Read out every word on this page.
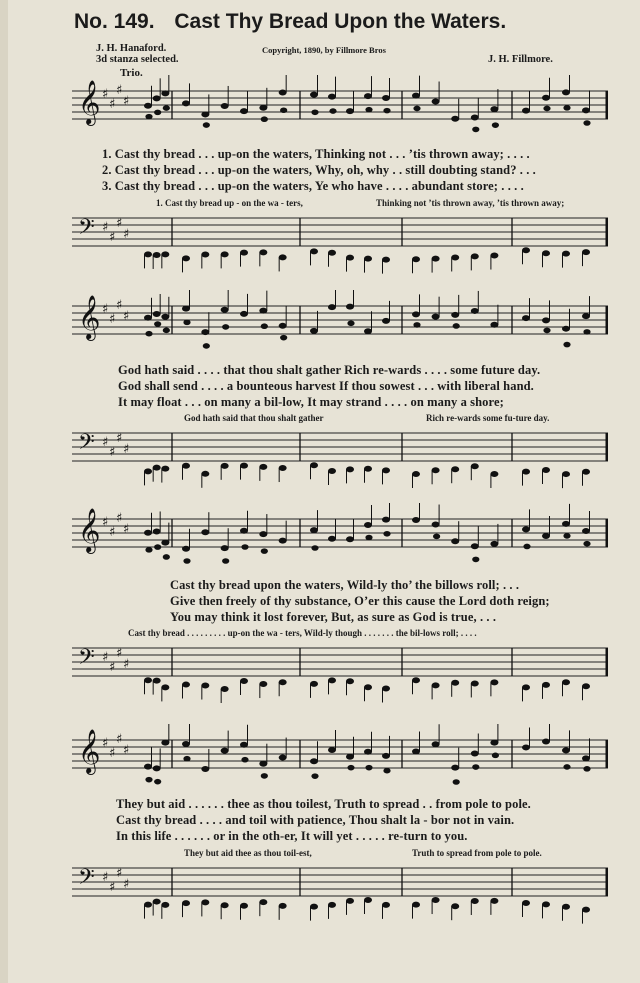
No. 149. Cast Thy Bread Upon the Waters.
J. H. Hanaford.
3d stanza selected.
Copyright, 1890, by Fillmore Bros
J. H. Fillmore.
Trio.
𝄞 ♯
♯
♯
♯
1. Cast thy bread . . . up-on the waters, Thinking not . . . ’tis thrown away; . . . .
2. Cast thy bread . . . up-on the waters, Why, oh, why . . still doubting stand? . . .
3. Cast thy bread . . . up-on the waters, Ye who have . . . . abundant store; . . . .
1. Cast thy bread up - on the wa - ters,	Thinking not ’tis thrown away, ’tis thrown away;
𝄢 ♯
♯
♯
♯
𝄞 ♯
♯
♯
♯
God hath said . . . . that thou shalt gather Rich re-wards . . . . some future day.
God shall send . . . . a bounteous harvest If thou sowest . . . with liberal hand.
It may float . . . on many a bil-low, It may strand . . . . on many a shore;
God hath said that thou shalt gather	Rich re-wards some fu-ture day.
𝄢 ♯
♯
♯
♯
𝄞 ♯
♯
♯
♯
Cast thy bread upon the waters, Wild-ly tho’ the billows roll; . . .
Give then freely of thy substance, O’er this cause the Lord doth reign;
You may think it lost forever, But, as sure as God is true, . . .
Cast thy bread . . . . . . . . . up-on the wa - ters, Wild-ly though . . . . . . . the bil-lows roll; . . . .
𝄢 ♯
♯
♯
♯
𝄞 ♯
♯
♯
♯
They but aid . . . . . . thee as thou toilest, Truth to spread . . from pole to pole.
Cast thy bread . . . . and toil with patience, Thou shalt la - bor not in vain.
In this life . . . . . . or in the oth-er, It will yet . . . . . re-turn to you.
They but aid thee as thou toil-est,	Truth to spread from pole to pole.
𝄢 ♯
♯
♯
♯
